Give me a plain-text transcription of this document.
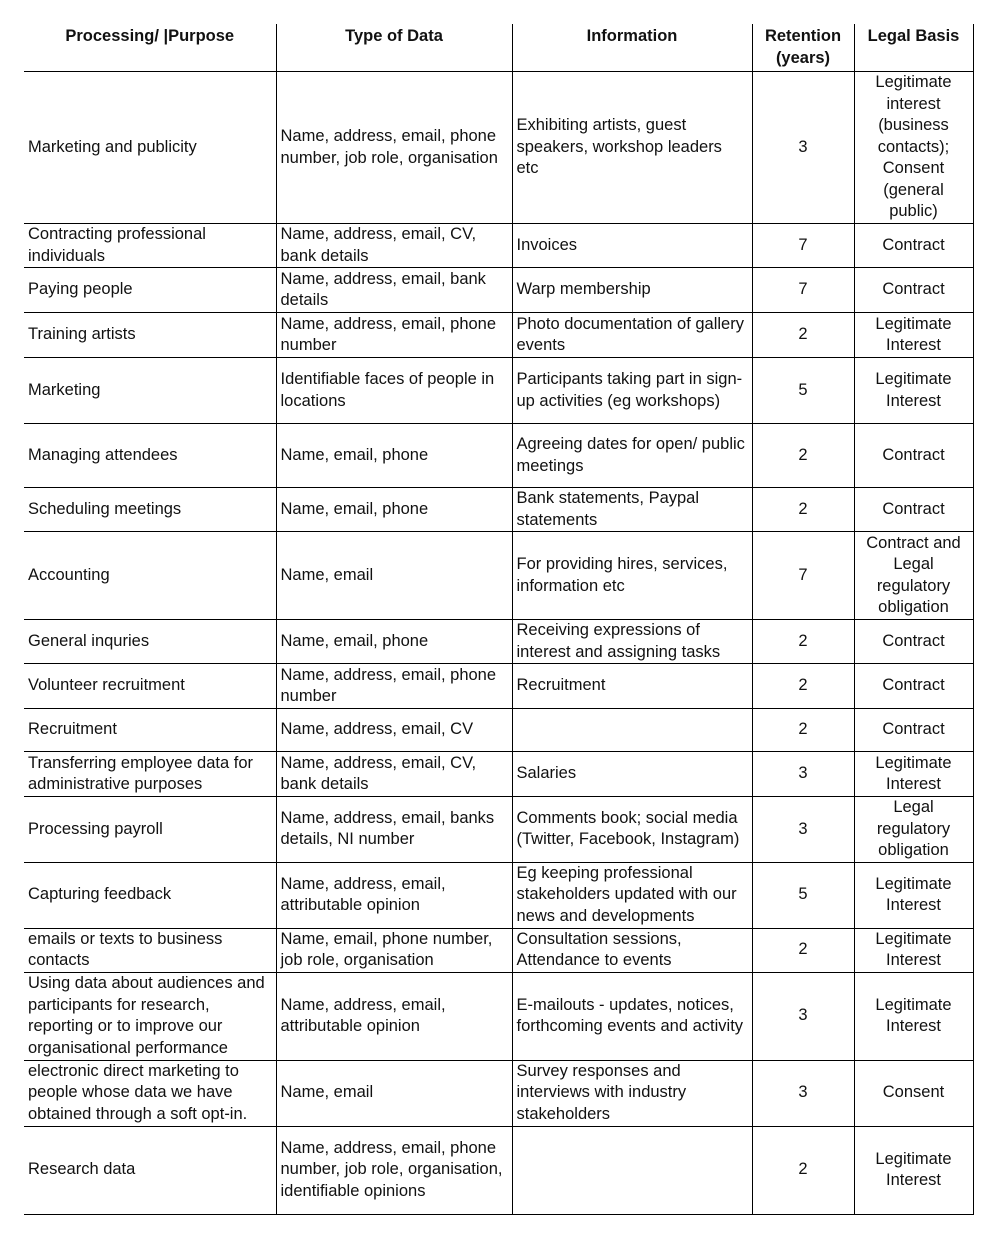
Processing/ |Purpose	Type of Data	Information	Retention (years)	Legal Basis
Marketing and publicity	Name, address, email, phone number, job role, organisation	Exhibiting artists, guest speakers, workshop leaders etc	3	Legitimate interest (business contacts); Consent (general public)
Contracting professional individuals	Name, address, email, CV, bank details	Invoices	7	Contract
Paying people	Name, address, email, bank details	Warp membership	7	Contract
Training artists	Name, address, email, phone number	Photo documentation of gallery events	2	Legitimate Interest
Marketing	Identifiable faces of people in locations	Participants taking part in sign-up activities (eg workshops)	5	Legitimate Interest
Managing attendees	Name, email, phone	Agreeing dates for open/ public meetings	2	Contract
Scheduling meetings	Name, email, phone	Bank statements, Paypal statements	2	Contract
Accounting	Name, email	For providing hires, services, information etc	7	Contract and Legal regulatory obligation
General inquries	Name, email, phone	Receiving expressions of interest and assigning tasks	2	Contract
Volunteer recruitment	Name, address, email, phone number	Recruitment	2	Contract
Recruitment	Name, address, email, CV		2	Contract
Transferring employee data for administrative purposes	Name, address, email, CV, bank details	Salaries	3	Legitimate Interest
Processing payroll	Name, address, email, banks details, NI number	Comments book; social media (Twitter, Facebook, Instagram)	3	Legal regulatory obligation
Capturing feedback	Name, address, email, attributable opinion	Eg keeping professional stakeholders updated with our news and developments	5	Legitimate Interest
emails or texts to business contacts	Name, email, phone number, job role, organisation	Consultation sessions, Attendance to events	2	Legitimate Interest
Using data about audiences and participants for research, reporting or to improve our organisational performance	Name, address, email, attributable opinion	E-mailouts - updates, notices, forthcoming events and activity	3	Legitimate Interest
electronic direct marketing to people whose data we have obtained through a soft opt-in.	Name, email	Survey responses and interviews with industry stakeholders	3	Consent
Research data	Name, address, email, phone number, job role, organisation, identifiable opinions		2	Legitimate Interest
